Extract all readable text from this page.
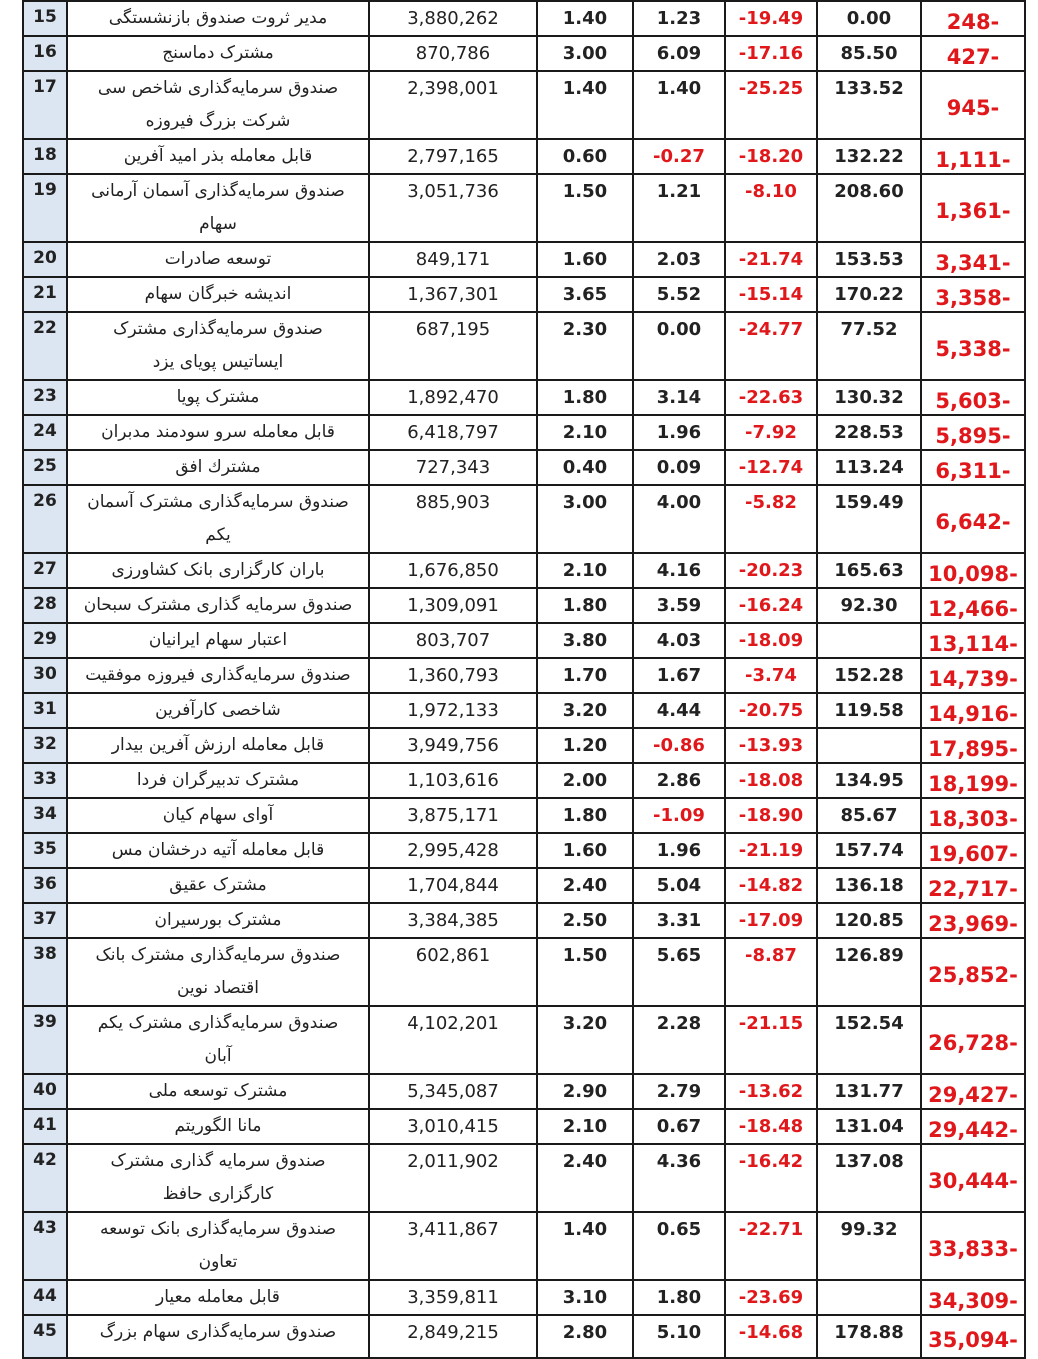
15	مدیر ثروت صندوق بازنشستگی	3,880,262	1.40	1.23	-19.49	0.00	248-
16	مشترک دماسنج	870,786	3.00	6.09	-17.16	85.50	427-
17	صندوق سرمایه‌گذاری شاخص سی شرکت بزرگ فیروزه	2,398,001	1.40	1.40	-25.25	133.52	945-
18	قابل معامله بذر امید آفرین	2,797,165	0.60	-0.27	-18.20	132.22	1,111-
19	صندوق سرمایه‌گذاری آسمان آرمانی سهام	3,051,736	1.50	1.21	-8.10	208.60	1,361-
20	توسعه صادرات	849,171	1.60	2.03	-21.74	153.53	3,341-
21	اندیشه خبرگان سهام	1,367,301	3.65	5.52	-15.14	170.22	3,358-
22	صندوق سرمایه‌گذاری مشترک ایساتیس پویای یزد	687,195	2.30	0.00	-24.77	77.52	5,338-
23	مشترک پویا	1,892,470	1.80	3.14	-22.63	130.32	5,603-
24	قابل معامله سرو سودمند مدبران	6,418,797	2.10	1.96	-7.92	228.53	5,895-
25	مشترك افق	727,343	0.40	0.09	-12.74	113.24	6,311-
26	صندوق سرمایه‌گذاری مشترک آسمان یکم	885,903	3.00	4.00	-5.82	159.49	6,642-
27	باران کارگزاری بانک کشاورزی	1,676,850	2.10	4.16	-20.23	165.63	10,098-
28	صندوق سرمایه گذاری مشترک سبحان	1,309,091	1.80	3.59	-16.24	92.30	12,466-
29	اعتبار سهام ایرانیان	803,707	3.80	4.03	-18.09		13,114-
30	صندوق سرمایه‌گذاری فیروزه موفقیت	1,360,793	1.70	1.67	-3.74	152.28	14,739-
31	شاخصی کارآفرین	1,972,133	3.20	4.44	-20.75	119.58	14,916-
32	قابل معامله ارزش آفرین بیدار	3,949,756	1.20	-0.86	-13.93		17,895-
33	مشترک تدبیرگران فردا	1,103,616	2.00	2.86	-18.08	134.95	18,199-
34	آوای سهام کیان	3,875,171	1.80	-1.09	-18.90	85.67	18,303-
35	قابل معامله آتیه درخشان مس	2,995,428	1.60	1.96	-21.19	157.74	19,607-
36	مشترک عقیق	1,704,844	2.40	5.04	-14.82	136.18	22,717-
37	مشترک بورسیران	3,384,385	2.50	3.31	-17.09	120.85	23,969-
38	صندوق سرمایه‌گذاری مشترک بانک اقتصاد نوین	602,861	1.50	5.65	-8.87	126.89	25,852-
39	صندوق سرمایه‌گذاری مشترک یکم آبان	4,102,201	3.20	2.28	-21.15	152.54	26,728-
40	مشترک توسعه ملی	5,345,087	2.90	2.79	-13.62	131.77	29,427-
41	مانا الگوریتم	3,010,415	2.10	0.67	-18.48	131.04	29,442-
42	صندوق سرمایه گذاری مشترک کارگزاری حافظ	2,011,902	2.40	4.36	-16.42	137.08	30,444-
43	صندوق سرمایه‌گذاری بانک توسعه تعاون	3,411,867	1.40	0.65	-22.71	99.32	33,833-
44	قابل معامله معیار	3,359,811	3.10	1.80	-23.69		34,309-
45	صندوق سرمایه‌گذاری سهام بزرگ	2,849,215	2.80	5.10	-14.68	178.88	35,094-
